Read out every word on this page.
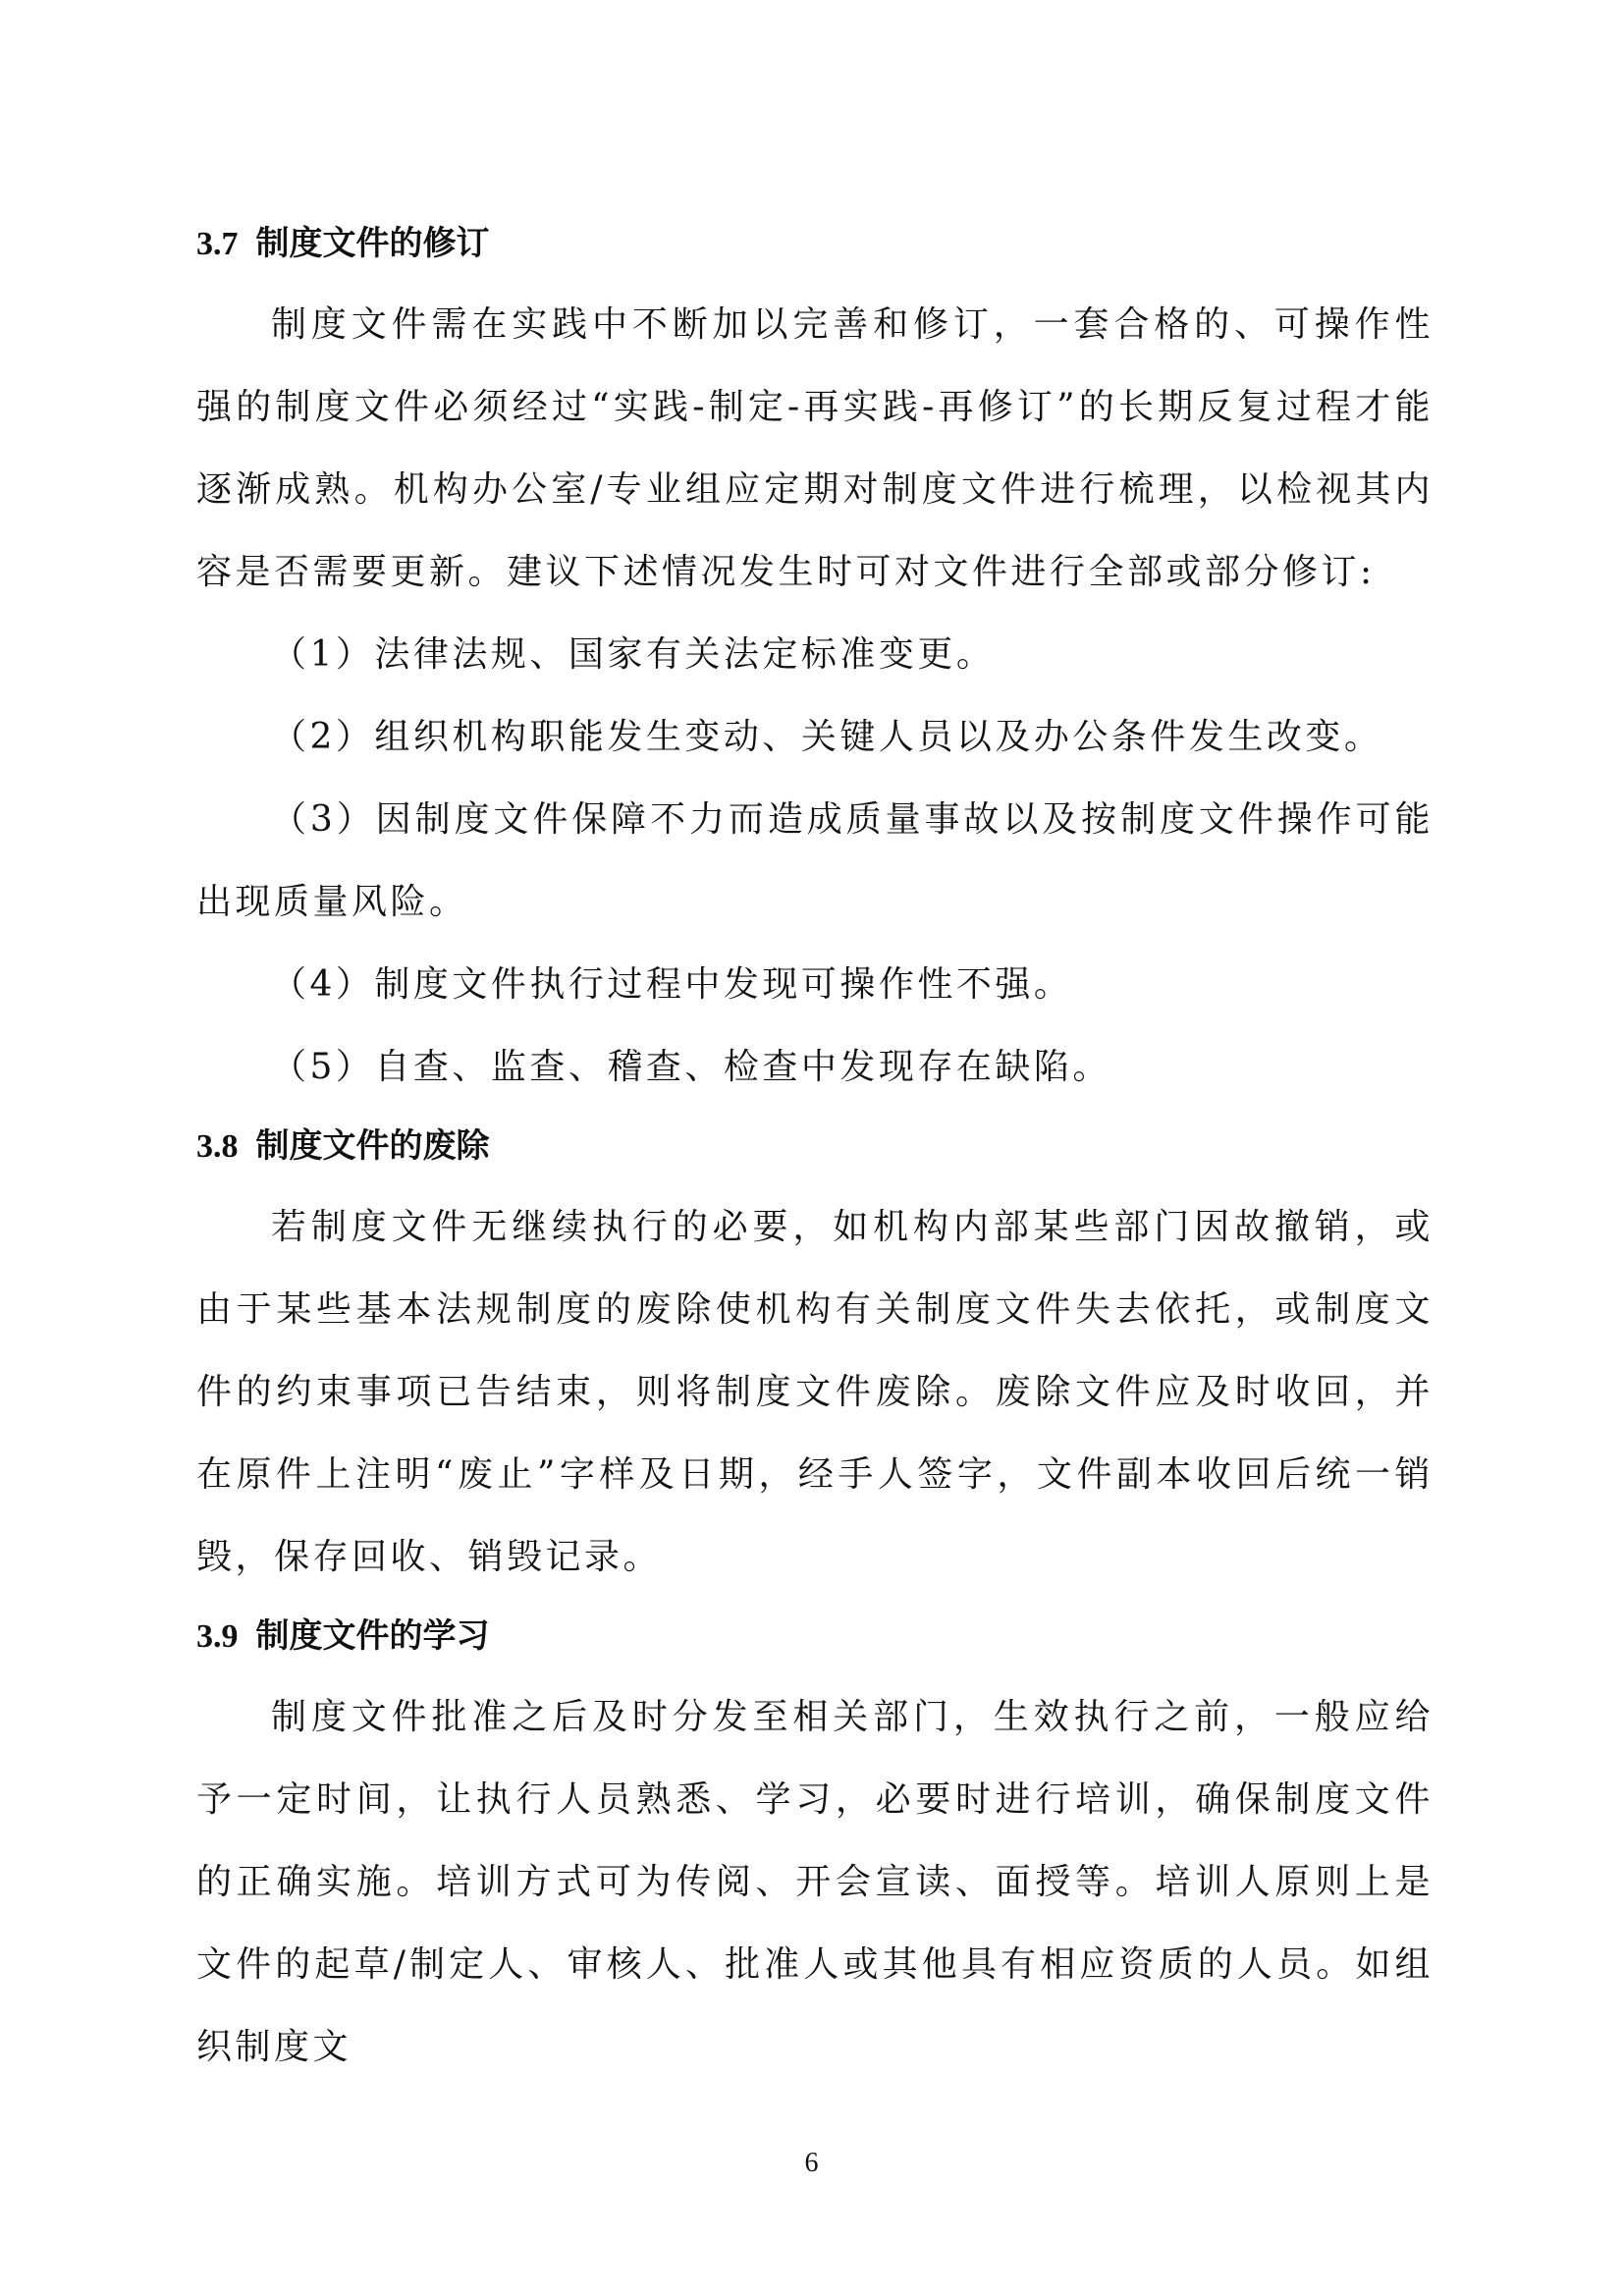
3.7 制度文件的修订

制度文件需在实践中不断加以完善和修订，一套合格的、可操作性强的制度文件必须经过“实践-制定-再实践-再修订”的长期反复过程才能逐渐成熟。机构办公室/专业组应定期对制度文件进行梳理，以检视其内容是否需要更新。建议下述情况发生时可对文件进行全部或部分修订:

（1）法律法规、国家有关法定标准变更。

（2）组织机构职能发生变动、关键人员以及办公条件发生改变。

（3）因制度文件保障不力而造成质量事故以及按制度文件操作可能出现质量风险。

（4）制度文件执行过程中发现可操作性不强。

（5）自查、监查、稽查、检查中发现存在缺陷。

3.8 制度文件的废除

若制度文件无继续执行的必要，如机构内部某些部门因故撤销，或由于某些基本法规制度的废除使机构有关制度文件失去依托，或制度文件的约束事项已告结束，则将制度文件废除。废除文件应及时收回，并在原件上注明“废止”字样及日期，经手人签字，文件副本收回后统一销毁，保存回收、销毁记录。

3.9 制度文件的学习

制度文件批准之后及时分发至相关部门，生效执行之前，一般应给予一定时间，让执行人员熟悉、学习，必要时进行培训，确保制度文件的正确实施。培训方式可为传阅、开会宣读、面授等。培训人原则上是文件的起草/制定人、审核人、批准人或其他具有相应资质的人员。如组织制度文

6
